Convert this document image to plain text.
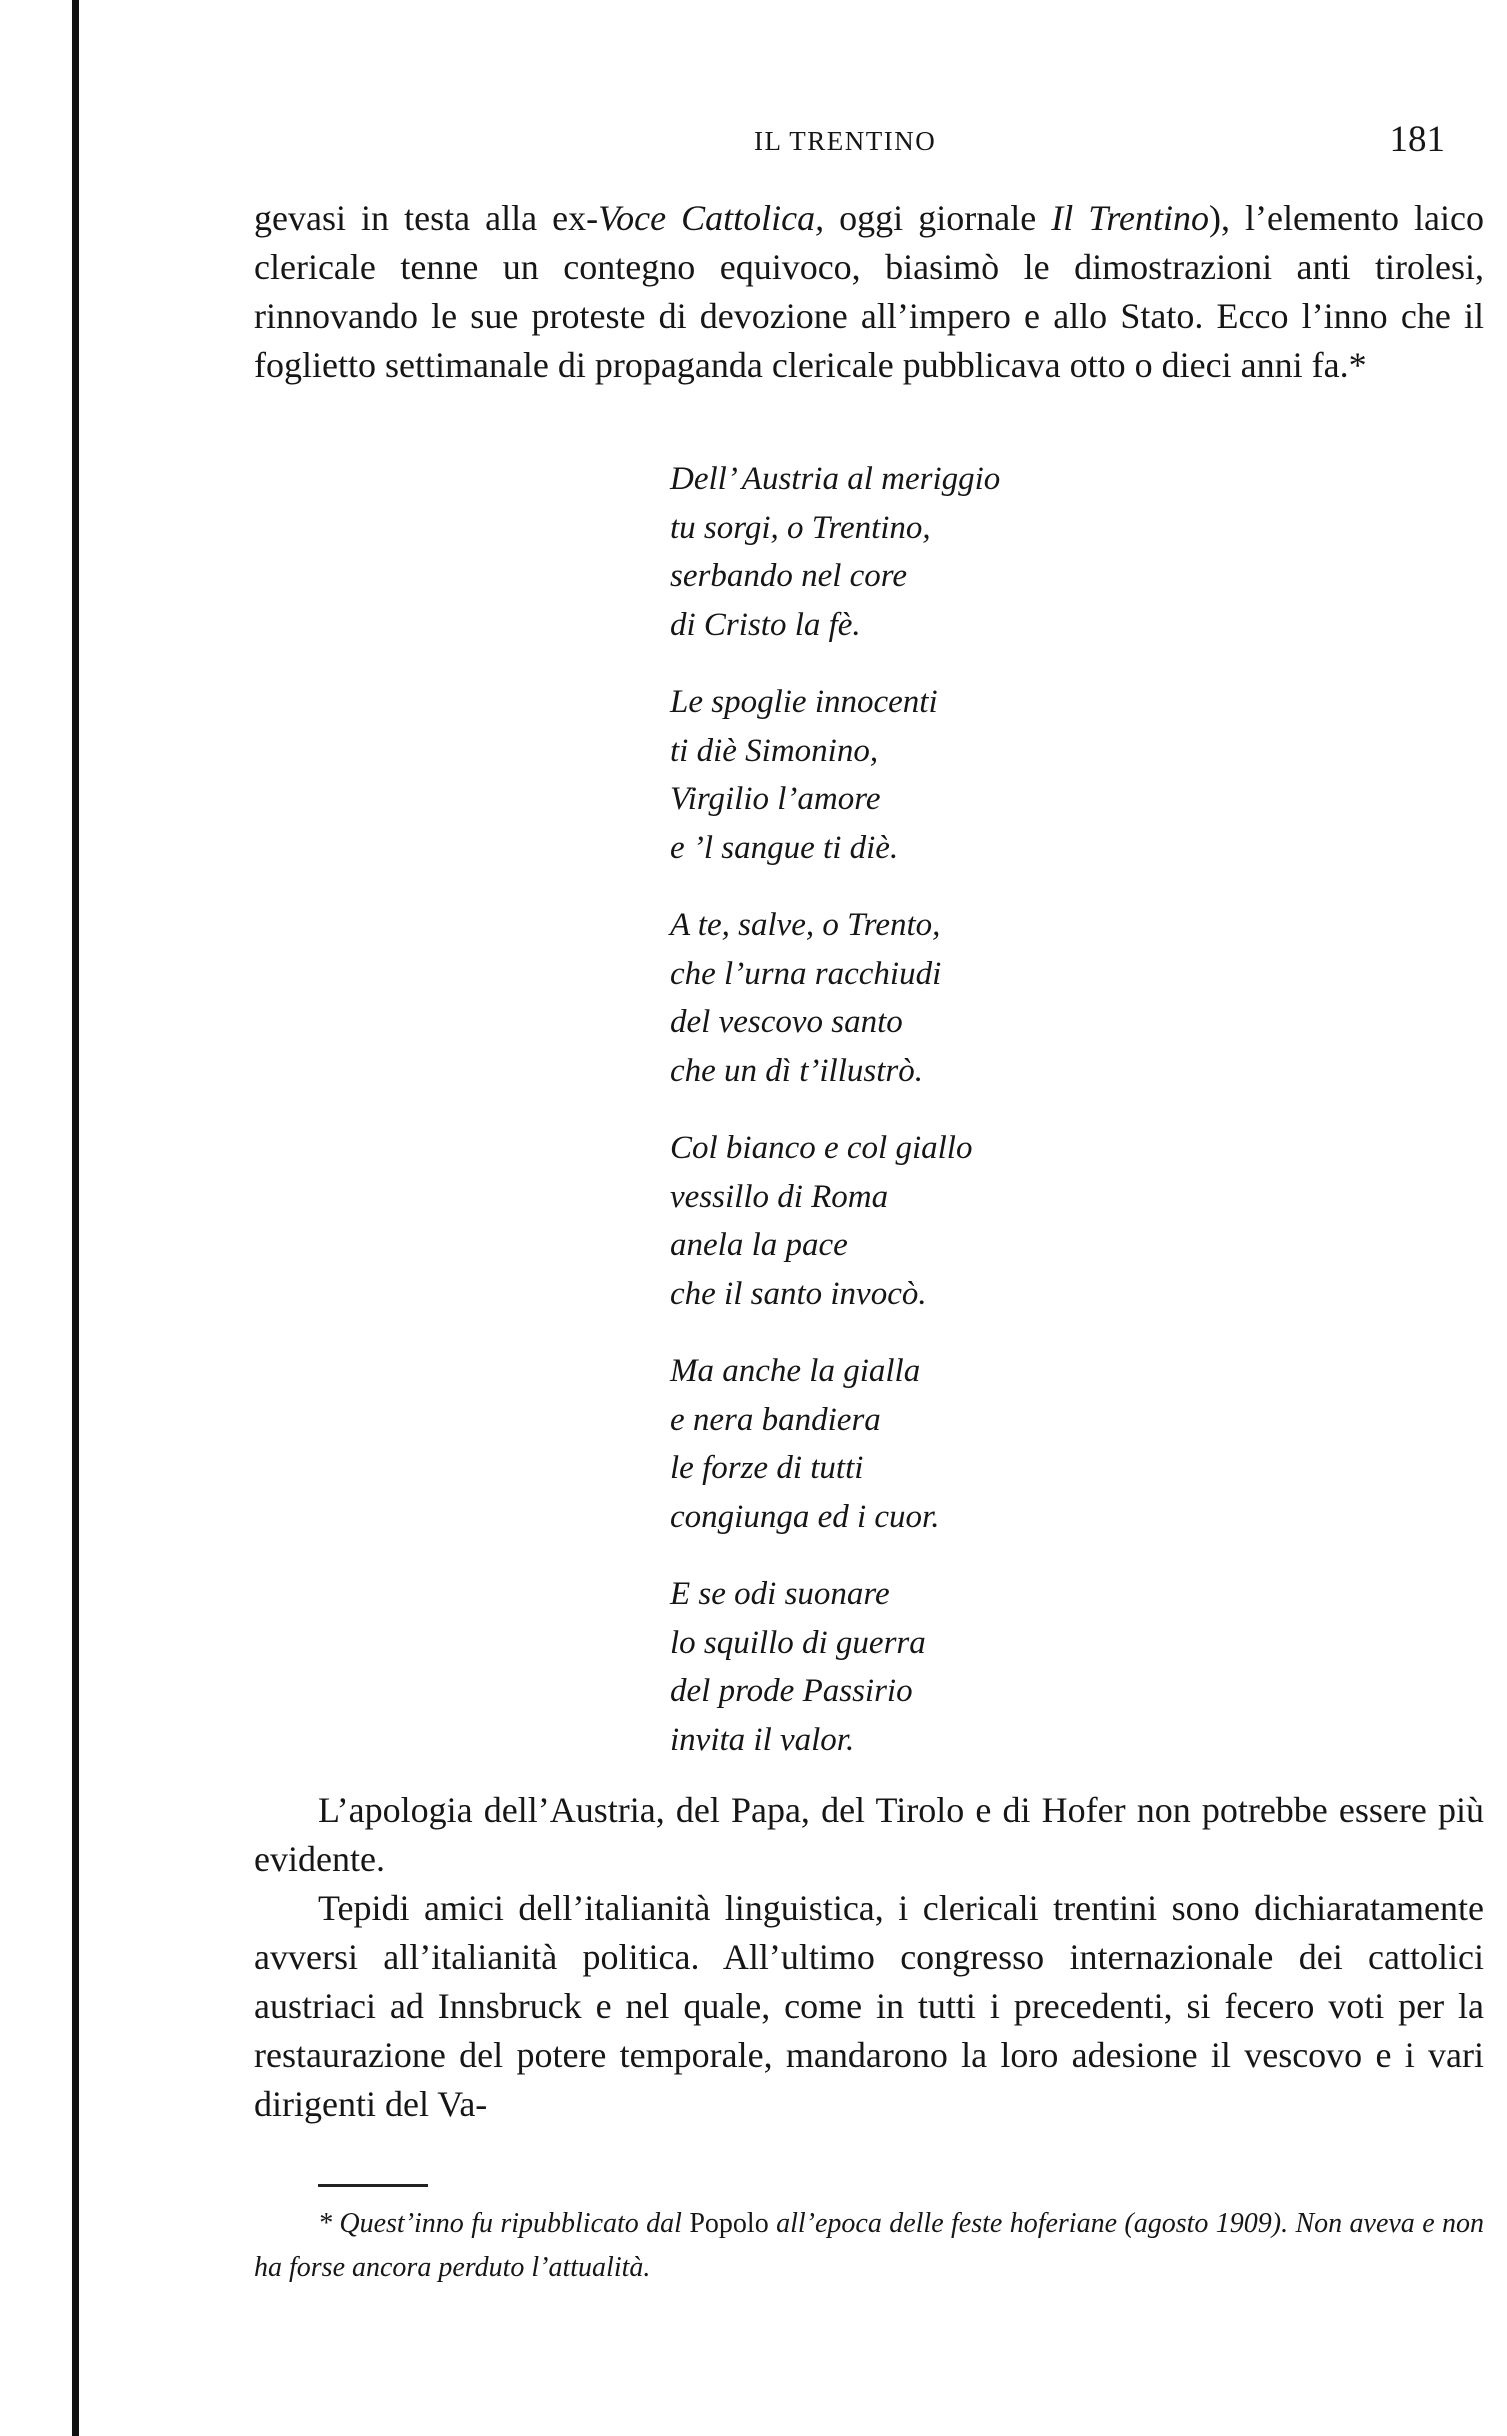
IL TRENTINO	181

gevasi in testa alla ex-Voce Cattolica, oggi giornale Il Trentino), l’elemento laico clericale tenne un contegno equivoco, biasimò le dimostrazioni anti tirolesi, rinnovando le sue proteste di devozione all’impero e allo Stato. Ecco l’inno che il foglietto settimanale di propaganda clericale pubblicava otto o dieci anni fa.*

Dell’ Austria al meriggio
tu sorgi, o Trentino,
serbando nel core
di Cristo la fè.
Le spoglie innocenti
ti diè Simonino,
Virgilio l’amore
e ’l sangue ti diè.
A te, salve, o Trento,
che l’urna racchiudi
del vescovo santo
che un dì t’illustrò.
Col bianco e col giallo
vessillo di Roma
anela la pace
che il santo invocò.
Ma anche la gialla
e nera bandiera
le forze di tutti
congiunga ed i cuor.
E se odi suonare
lo squillo di guerra
del prode Passirio
invita il valor.

L’apologia dell’Austria, del Papa, del Tirolo e di Hofer non potrebbe essere più evidente.

Tepidi amici dell’italianità linguistica, i clericali trentini sono dichiaratamente avversi all’italianità politica. All’ultimo congresso internazionale dei cattolici austriaci ad Innsbruck e nel quale, come in tutti i precedenti, si fecero voti per la restaurazione del potere temporale, mandarono la loro adesione il vescovo e i vari dirigenti del Va-

* Quest’inno fu ripubblicato dal Popolo all’epoca delle feste hoferiane (agosto 1909). Non aveva e non ha forse ancora perduto l’attualità.
